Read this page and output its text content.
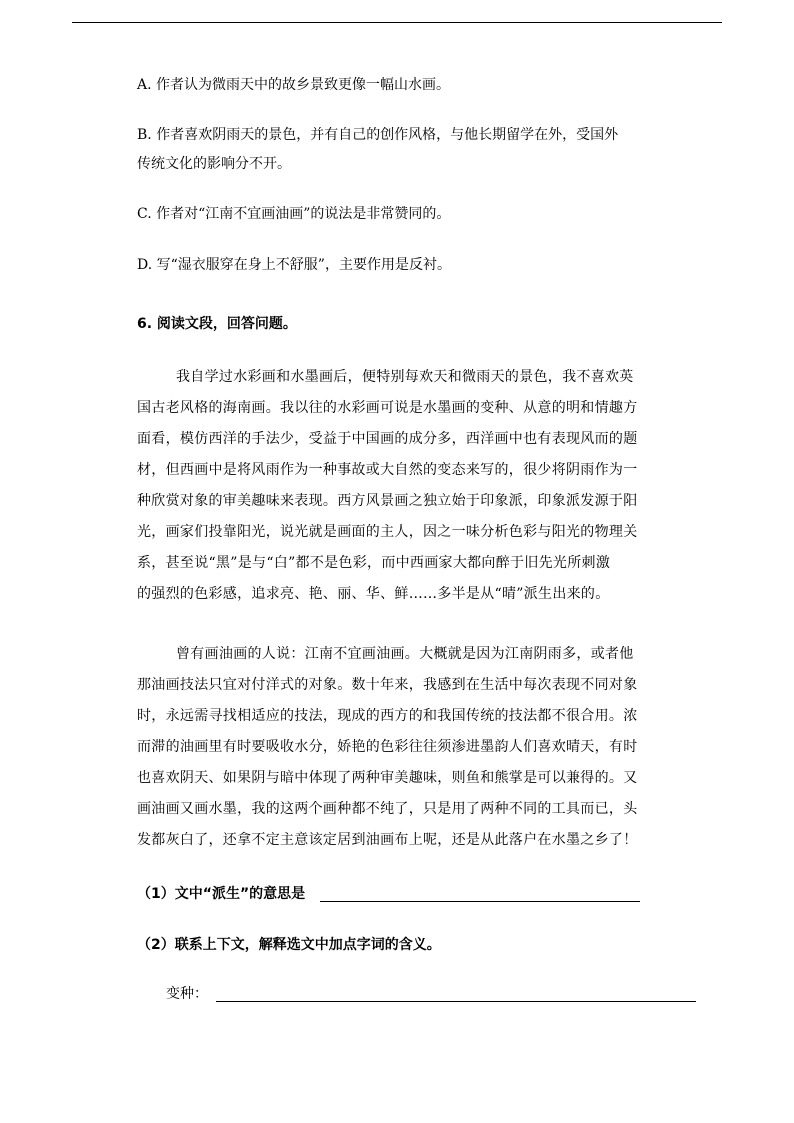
A. 作者认为微雨天中的故乡景致更像一幅山水画。
B. 作者喜欢阴雨天的景色，并有自己的创作风格，与他长期留学在外，受国外
传统文化的影响分不开。
C. 作者对“江南不宜画油画”的说法是非常赞同的。
D. 写“湿衣服穿在身上不舒服”，主要作用是反衬。
6. 阅读文段，回答问题。
我自学过水彩画和水墨画后，便特别每欢天和微雨天的景色，我不喜欢英
国古老风格的海南画。我以往的水彩画可说是水墨画的变种、从意的明和情趣方
面看，模仿西洋的手法少，受益于中国画的成分多，西洋画中也有表现风而的题
材，但西画中是将风雨作为一种事故或大自然的变态来写的，很少将阴雨作为一
种欣赏对象的审美趣味来表现。西方风景画之独立始于印象派，印象派发源于阳
光，画家们投靠阳光，说光就是画面的主人，因之一味分析色彩与阳光的物理关
系，甚至说“黑”是与“白”都不是色彩，而中西画家大都向醉于旧先光所刺激
的强烈的色彩感，追求亮、艳、丽、华、鲜……多半是从“晴”派生出来的。
曾有画油画的人说：江南不宜画油画。大概就是因为江南阴雨多，或者他
那油画技法只宜对付洋式的对象。数十年来，我感到在生活中每次表现不同对象
时，永远需寻找相适应的技法，现成的西方的和我国传统的技法都不很合用。浓
而滞的油画里有时要吸收水分，娇艳的色彩往往须渗进墨韵人们喜欢晴天，有时
也喜欢阴天、如果阴与暗中体现了两种审美趣味，则鱼和熊掌是可以兼得的。又
画油画又画水墨，我的这两个画种都不纯了，只是用了两种不同的工具而已，头
发都灰白了，还拿不定主意该定居到油画布上呢，还是从此落户在水墨之乡了！
（1）文中“派生”的意思是
（2）联系上下文，解释选文中加点字词的含义。
变种：
